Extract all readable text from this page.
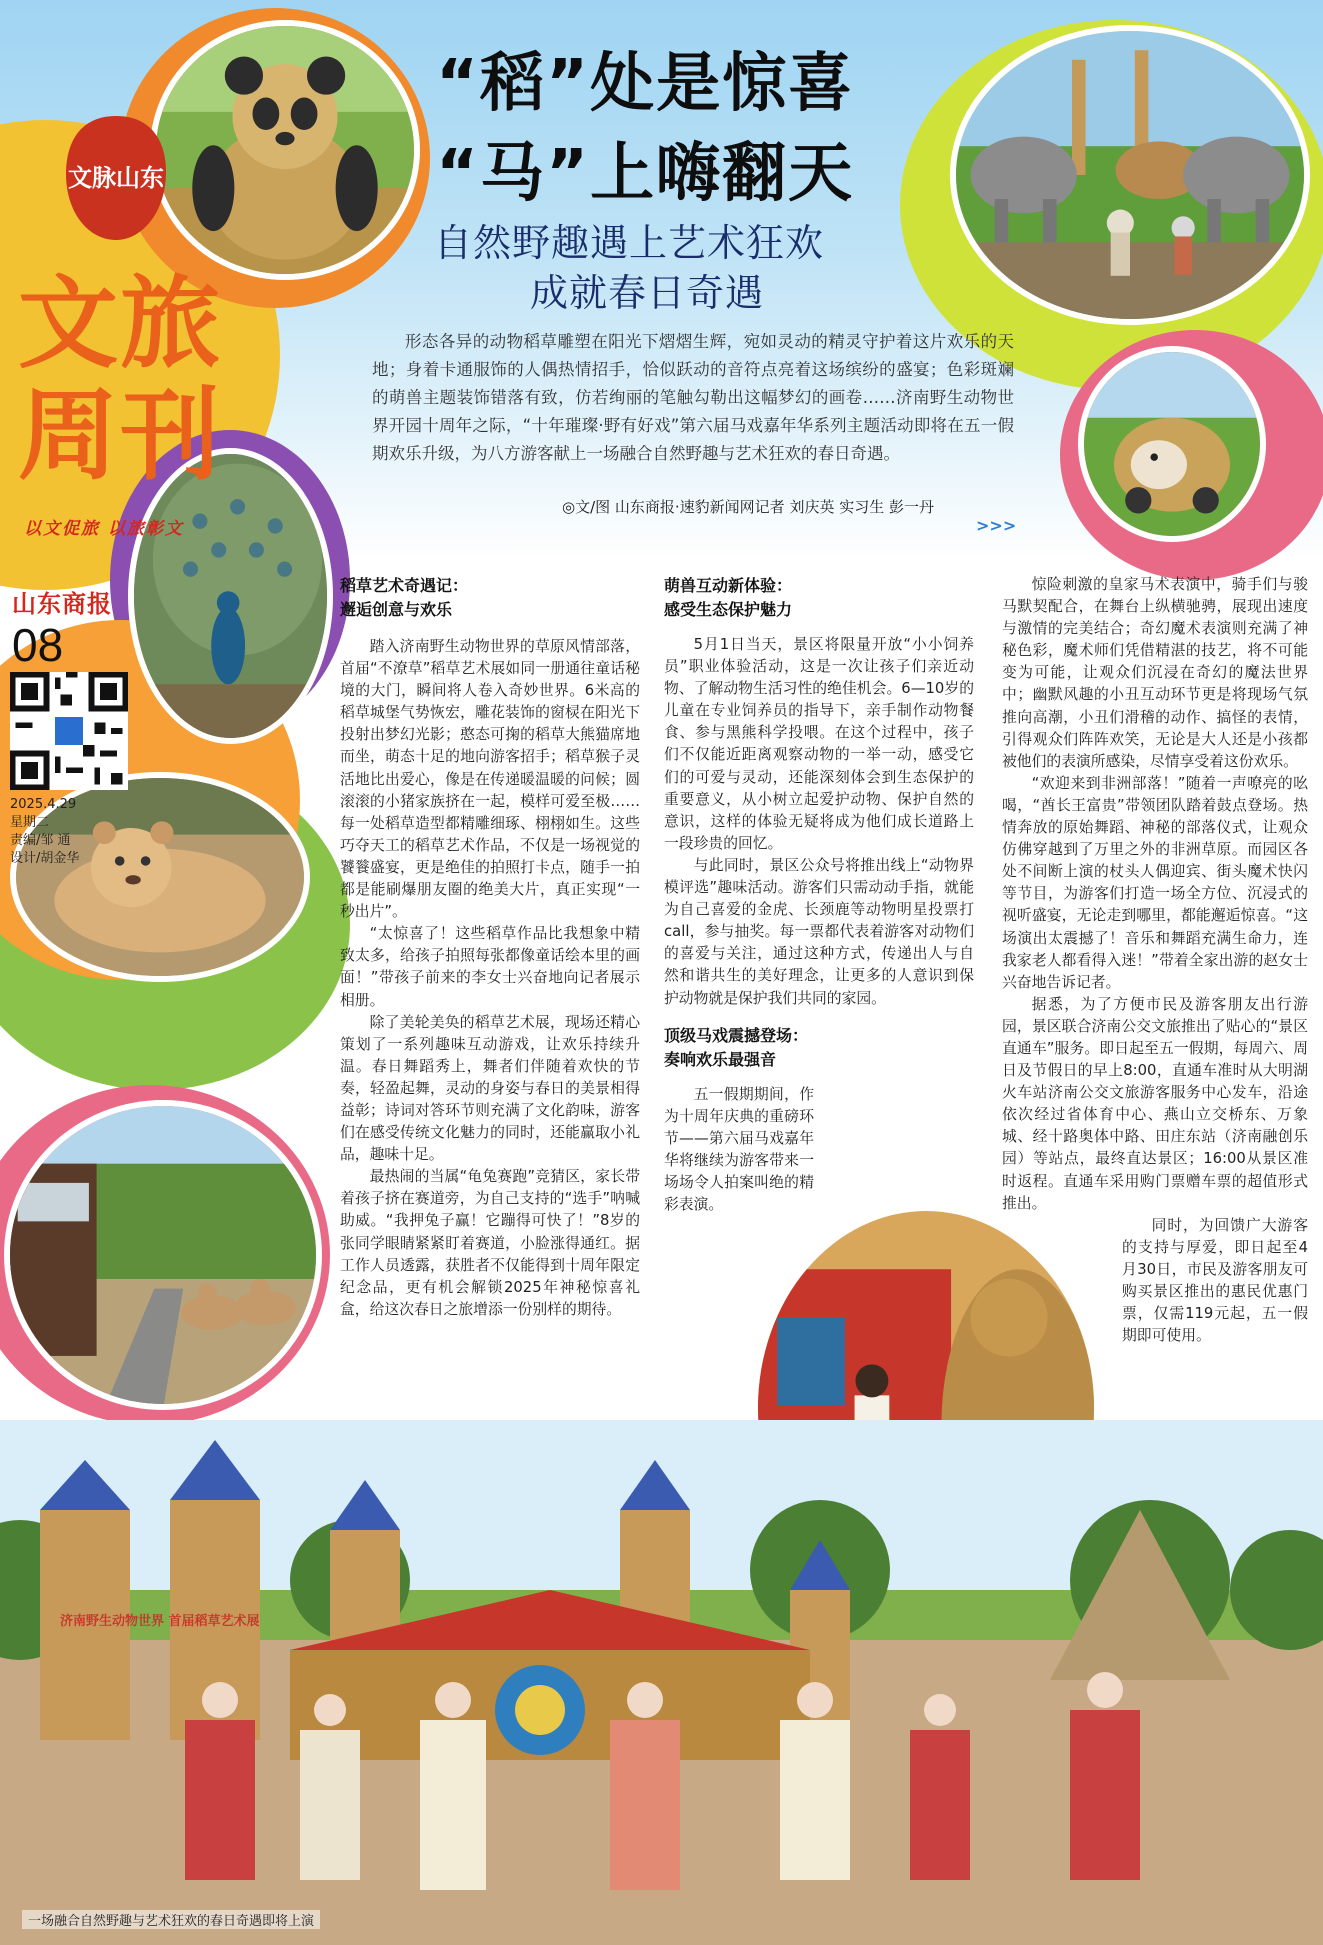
济南野生动物世界 首届稻草艺术展
一场融合自然野趣与艺术狂欢的春日奇遇即将上演
文脉山东
文旅
周刊
以文促旅 以旅彰文
山东商报
08
2025.4.29
星期二
责编/邹 通
设计/胡金华
“稻”处是惊喜
“马”上嗨翻天
自然野趣遇上艺术狂欢
成就春日奇遇
形态各异的动物稻草雕塑在阳光下熠熠生辉，宛如灵动的精灵守护着这片欢乐的天地；身着卡通服饰的人偶热情招手，恰似跃动的音符点亮着这场缤纷的盛宴；色彩斑斓的萌兽主题装饰错落有致，仿若绚丽的笔触勾勒出这幅梦幻的画卷……济南野生动物世界开园十周年之际，“十年璀璨·野有好戏”第六届马戏嘉年华系列主题活动即将在五一假期欢乐升级，为八方游客献上一场融合自然野趣与艺术狂欢的春日奇遇。
◎文/图 山东商报·速豹新闻网记者 刘庆英 实习生 彭一丹
>>>
稻草艺术奇遇记：
邂逅创意与欢乐

踏入济南野生动物世界的草原风情部落，首届“不潦草”稻草艺术展如同一册通往童话秘境的大门，瞬间将人卷入奇妙世界。6米高的稻草城堡气势恢宏，雕花装饰的窗棂在阳光下投射出梦幻光影；憨态可掬的稻草大熊猫席地而坐，萌态十足的地向游客招手；稻草猴子灵活地比出爱心，像是在传递暖温暖的问候；圆滚滚的小猪家族挤在一起，模样可爱至极……每一处稻草造型都精雕细琢、栩栩如生。这些巧夺天工的稻草艺术作品，不仅是一场视觉的饕餮盛宴，更是绝佳的拍照打卡点，随手一拍都是能刷爆朋友圈的绝美大片，真正实现“一秒出片”。

“太惊喜了！这些稻草作品比我想象中精致太多，给孩子拍照每张都像童话绘本里的画面！”带孩子前来的李女士兴奋地向记者展示相册。

除了美轮美奂的稻草艺术展，现场还精心策划了一系列趣味互动游戏，让欢乐持续升温。春日舞蹈秀上，舞者们伴随着欢快的节奏，轻盈起舞，灵动的身姿与春日的美景相得益彰；诗词对答环节则充满了文化韵味，游客们在感受传统文化魅力的同时，还能赢取小礼品，趣味十足。

最热闹的当属“龟兔赛跑”竞猜区，家长带着孩子挤在赛道旁，为自己支持的“选手”呐喊助威。“我押兔子赢！它蹦得可快了！”8岁的张同学眼睛紧紧盯着赛道，小脸涨得通红。据工作人员透露，获胜者不仅能得到十周年限定纪念品，更有机会解锁2025年神秘惊喜礼盒，给这次春日之旅增添一份别样的期待。

萌兽互动新体验：
感受生态保护魅力

5月1日当天，景区将限量开放“小小饲养员”职业体验活动，这是一次让孩子们亲近动物、了解动物生活习性的绝佳机会。6—10岁的儿童在专业饲养员的指导下，亲手制作动物餐食、参与黑熊科学投喂。在这个过程中，孩子们不仅能近距离观察动物的一举一动，感受它们的可爱与灵动，还能深刻体会到生态保护的重要意义，从小树立起爱护动物、保护自然的意识，这样的体验无疑将成为他们成长道路上一段珍贵的回忆。

与此同时，景区公众号将推出线上“动物界模评选”趣味活动。游客们只需动动手指，就能为自己喜爱的金虎、长颈鹿等动物明星投票打call，参与抽奖。每一票都代表着游客对动物们的喜爱与关注，通过这种方式，传递出人与自然和谐共生的美好理念，让更多的人意识到保护动物就是保护我们共同的家园。

顶级马戏震撼登场：
奏响欢乐最强音

五一假期期间，作为十周年庆典的重磅环节——第六届马戏嘉年华将继续为游客带来一场场令人拍案叫绝的精彩表演。

惊险刺激的皇家马术表演中，骑手们与骏马默契配合，在舞台上纵横驰骋，展现出速度与激情的完美结合；奇幻魔术表演则充满了神秘色彩，魔术师们凭借精湛的技艺，将不可能变为可能，让观众们沉浸在奇幻的魔法世界中；幽默风趣的小丑互动环节更是将现场气氛推向高潮，小丑们滑稽的动作、搞怪的表情，引得观众们阵阵欢笑，无论是大人还是小孩都被他们的表演所感染，尽情享受着这份欢乐。

“欢迎来到非洲部落！”随着一声嘹亮的吆喝，“酋长王富贵”带领团队踏着鼓点登场。热情奔放的原始舞蹈、神秘的部落仪式，让观众仿佛穿越到了万里之外的非洲草原。而园区各处不间断上演的杖头人偶迎宾、街头魔术快闪等节目，为游客们打造一场全方位、沉浸式的视听盛宴，无论走到哪里，都能邂逅惊喜。“这场演出太震撼了！音乐和舞蹈充满生命力，连我家老人都看得入迷！”带着全家出游的赵女士兴奋地告诉记者。

据悉，为了方便市民及游客朋友出行游园，景区联合济南公交文旅推出了贴心的“景区直通车”服务。即日起至五一假期，每周六、周日及节假日的早上8:00，直通车准时从大明湖火车站济南公交文旅游客服务中心发车，沿途依次经过省体育中心、燕山立交桥东、万象城、经十路奥体中路、田庄东站（济南融创乐园）等站点，最终直达景区；16:00从景区准时返程。直通车采用购门票赠车票的超值形式推出。

同时，为回馈广大游客的支持与厚爱，即日起至4月30日，市民及游客朋友可购买景区推出的惠民优惠门票，仅需119元起，五一假期即可使用。
